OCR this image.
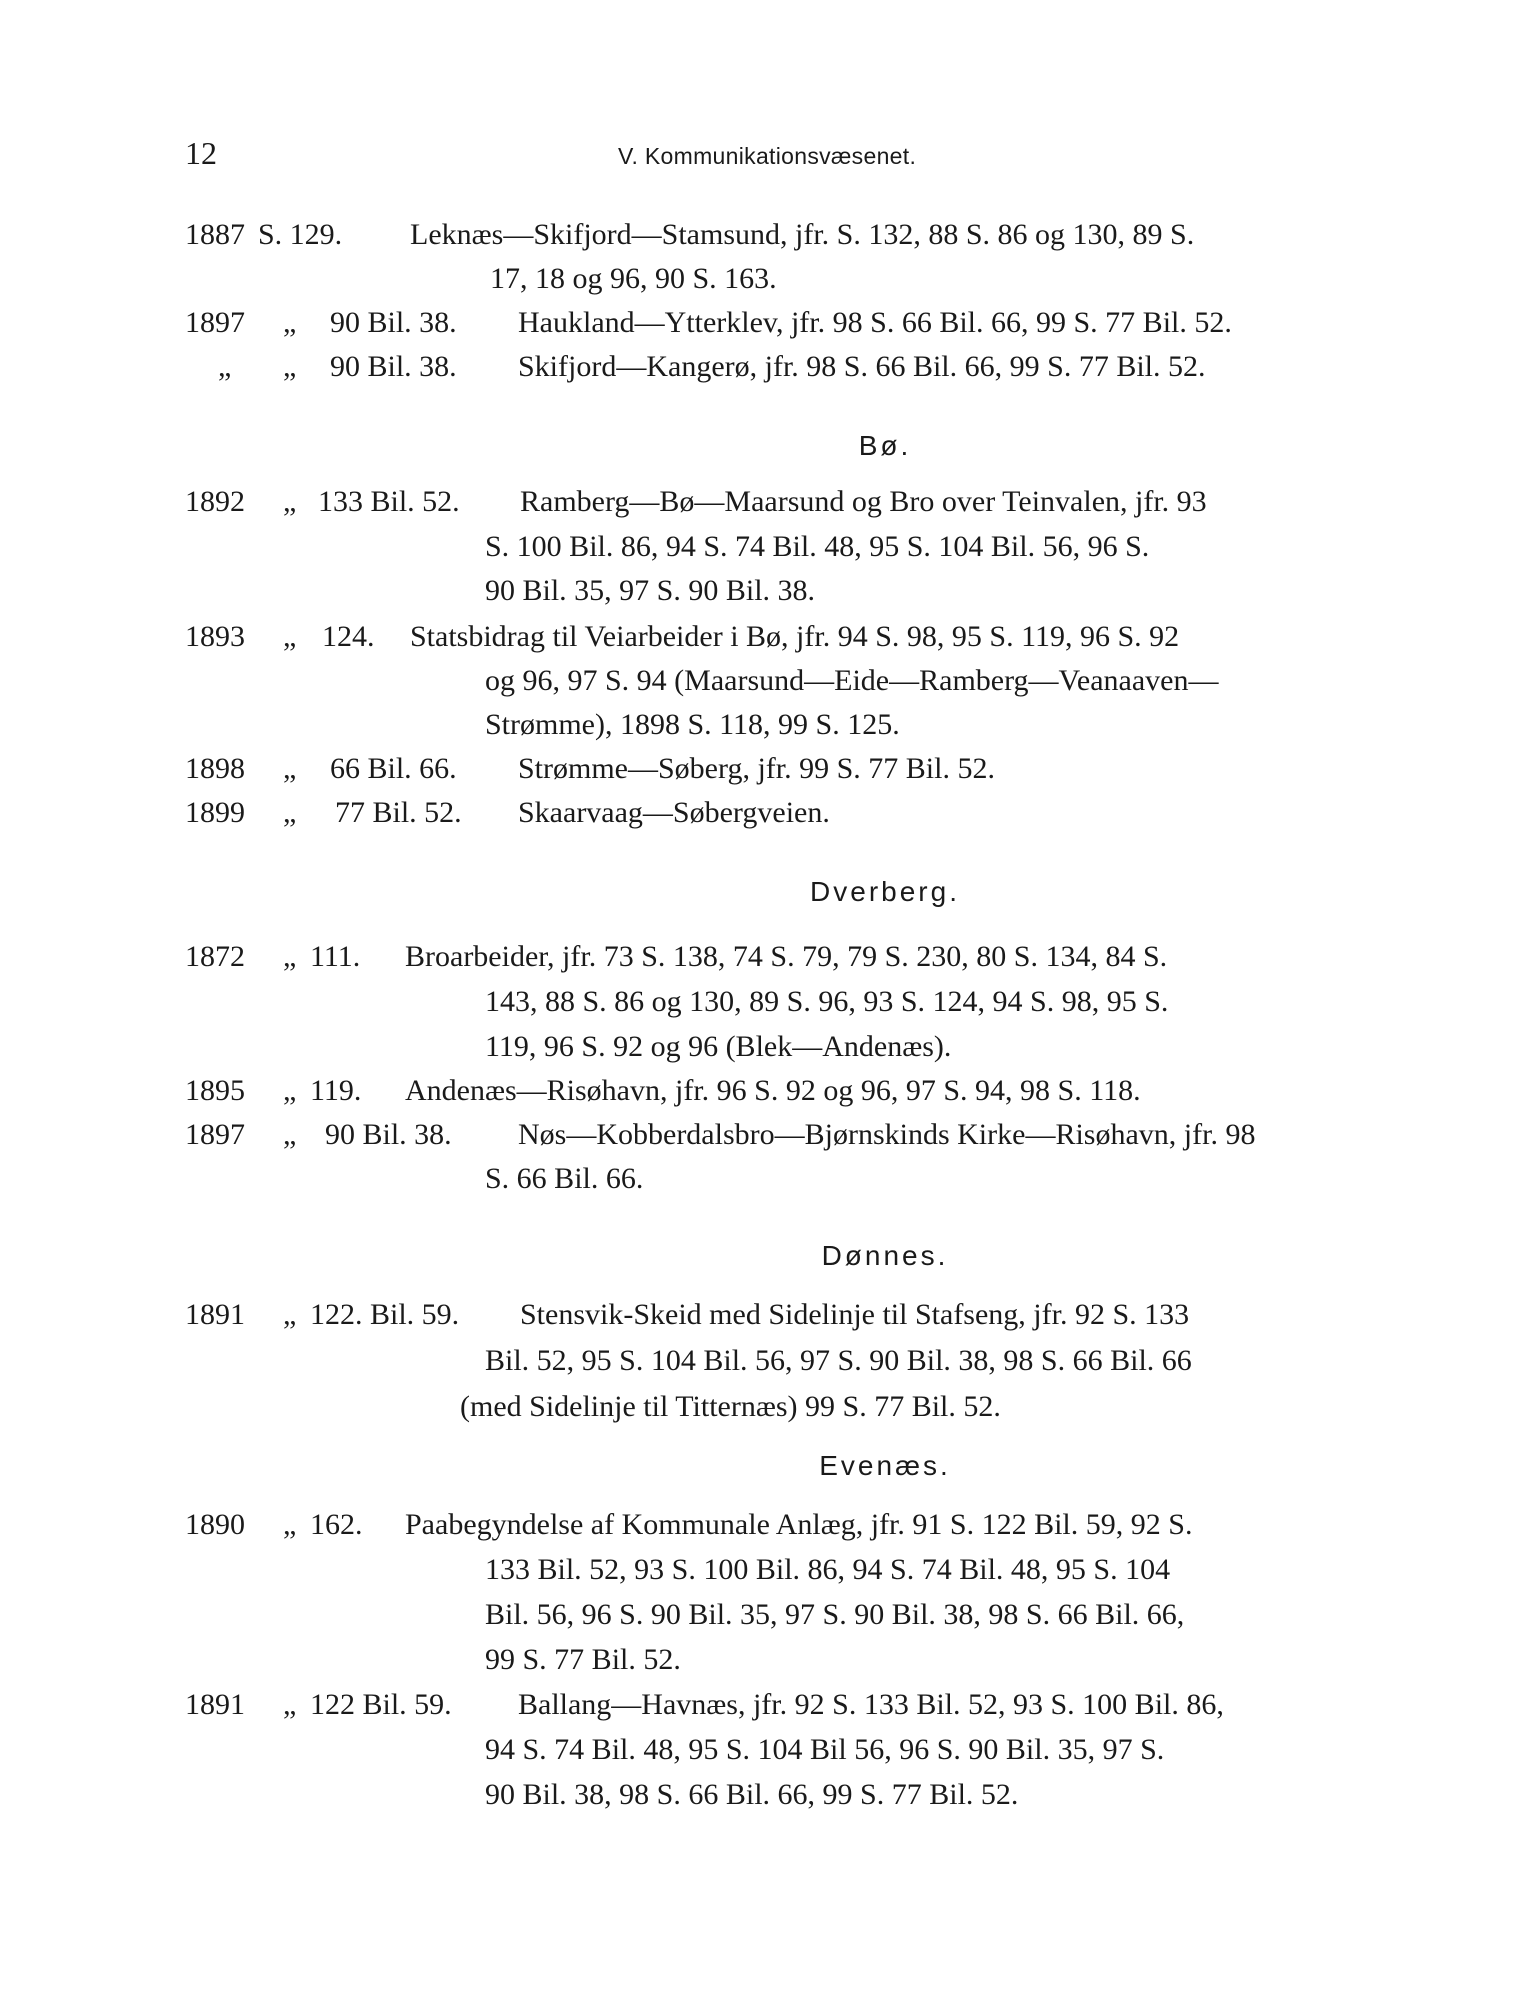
12	V. Kommunikationsvæsenet.
1887 S. 129. Leknæs—Skifjord—Stamsund, jfr. S. 132, 88 S. 86 og 130, 89 S.
17, 18 og 96, 90 S. 163.
1897 „ 90 Bil. 38. Haukland—Ytterklev, jfr. 98 S. 66 Bil. 66, 99 S. 77 Bil. 52.
„ „ 90 Bil. 38. Skifjord—Kangerø, jfr. 98 S. 66 Bil. 66, 99 S. 77 Bil. 52.
Bø.
1892 „ 133 Bil. 52. Ramberg—Bø—Maarsund og Bro over Teinvalen, jfr. 93
S. 100 Bil. 86, 94 S. 74 Bil. 48, 95 S. 104 Bil. 56, 96 S.
90 Bil. 35, 97 S. 90 Bil. 38.
1893 „ 124. Statsbidrag til Veiarbeider i Bø, jfr. 94 S. 98, 95 S. 119, 96 S. 92
og 96, 97 S. 94 (Maarsund—Eide—Ramberg—Veanaaven—
Strømme), 1898 S. 118, 99 S. 125.
1898 „ 66 Bil. 66. Strømme—Søberg, jfr. 99 S. 77 Bil. 52.
1899 „ 77 Bil. 52. Skaarvaag—Søbergveien.
Dverberg.
1872 „ 111. Broarbeider, jfr. 73 S. 138, 74 S. 79, 79 S. 230, 80 S. 134, 84 S.
143, 88 S. 86 og 130, 89 S. 96, 93 S. 124, 94 S. 98, 95 S.
119, 96 S. 92 og 96 (Blek—Andenæs).
1895 „ 119. Andenæs—Risøhavn, jfr. 96 S. 92 og 96, 97 S. 94, 98 S. 118.
1897 „ 90 Bil. 38. Nøs—Kobberdalsbro—Bjørnskinds Kirke—Risøhavn, jfr. 98
S. 66 Bil. 66.
Dønnes.
1891 „ 122. Bil. 59. Stensvik-Skeid med Sidelinje til Stafseng, jfr. 92 S. 133
Bil. 52, 95 S. 104 Bil. 56, 97 S. 90 Bil. 38, 98 S. 66 Bil. 66
(med Sidelinje til Titternæs) 99 S. 77 Bil. 52.
Evenæs.
1890 „ 162. Paabegyndelse af Kommunale Anlæg, jfr. 91 S. 122 Bil. 59, 92 S.
133 Bil. 52, 93 S. 100 Bil. 86, 94 S. 74 Bil. 48, 95 S. 104
Bil. 56, 96 S. 90 Bil. 35, 97 S. 90 Bil. 38, 98 S. 66 Bil. 66,
99 S. 77 Bil. 52.
1891 „ 122 Bil. 59. Ballang—Havnæs, jfr. 92 S. 133 Bil. 52, 93 S. 100 Bil. 86,
94 S. 74 Bil. 48, 95 S. 104 Bil 56, 96 S. 90 Bil. 35, 97 S.
90 Bil. 38, 98 S. 66 Bil. 66, 99 S. 77 Bil. 52.
